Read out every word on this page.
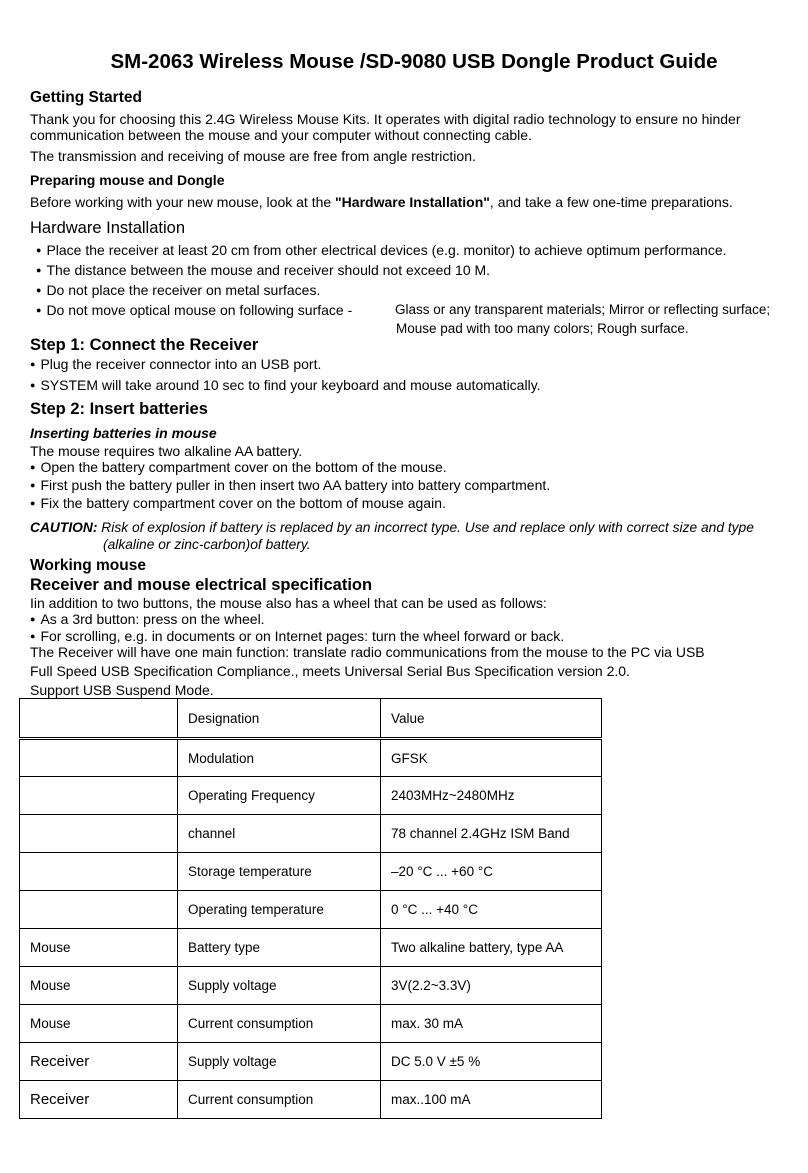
SM-2063 Wireless Mouse /SD-9080 USB Dongle Product Guide
Getting Started
Thank you for choosing this 2.4G Wireless Mouse Kits. It operates with digital radio technology to ensure no hinder
communication between the mouse and your computer without connecting cable.
The transmission and receiving of mouse are free from angle restriction.
Preparing mouse and Dongle
Before working with your new mouse, look at the "Hardware Installation", and take a few one-time preparations.
Hardware Installation
● Place the receiver at least 20 cm from other electrical devices (e.g. monitor) to achieve optimum performance.
● The distance between the mouse and receiver should not exceed 10 M.
● Do not place the receiver on metal surfaces.
● Do not move optical mouse on following surface -	Glass or any transparent materials; Mirror or reflecting surface;
Mouse pad with too many colors; Rough surface.
Step 1: Connect the Receiver
● Plug the receiver connector into an USB port.
● SYSTEM will take around 10 sec to find your keyboard and mouse automatically.
Step 2: Insert batteries
Inserting batteries in mouse
The mouse requires two alkaline AA battery.
● Open the battery compartment cover on the bottom of the mouse.
● First push the battery puller in then insert two AA battery into battery compartment.
● Fix the battery compartment cover on the bottom of mouse again.
CAUTION: Risk of explosion if battery is replaced by an incorrect type. Use and replace only with correct size and type
(alkaline or zinc-carbon)of battery.
Working mouse
Receiver and mouse electrical specification
Iin addition to two buttons, the mouse also has a wheel that can be used as follows:
● As a 3rd button: press on the wheel.
● For scrolling, e.g. in documents or on Internet pages: turn the wheel forward or back.
The Receiver will have one main function: translate radio communications from the mouse to the PC via USB
Full Speed USB Specification Compliance., meets Universal Serial Bus Specification version 2.0.
Support USB Suspend Mode.
	Designation	Value
	Modulation	GFSK
	Operating Frequency	2403MHz~2480MHz
	channel	78 channel 2.4GHz ISM Band
	Storage temperature	–20 °C ... +60 °C
	Operating temperature	0 °C ... +40 °C
Mouse	Battery type	Two alkaline battery, type AA
Mouse	Supply voltage	3V(2.2~3.3V)
Mouse	Current consumption	max. 30 mA
Receiver	Supply voltage	DC 5.0 V ±5 %
Receiver	Current consumption	max..100 mA
